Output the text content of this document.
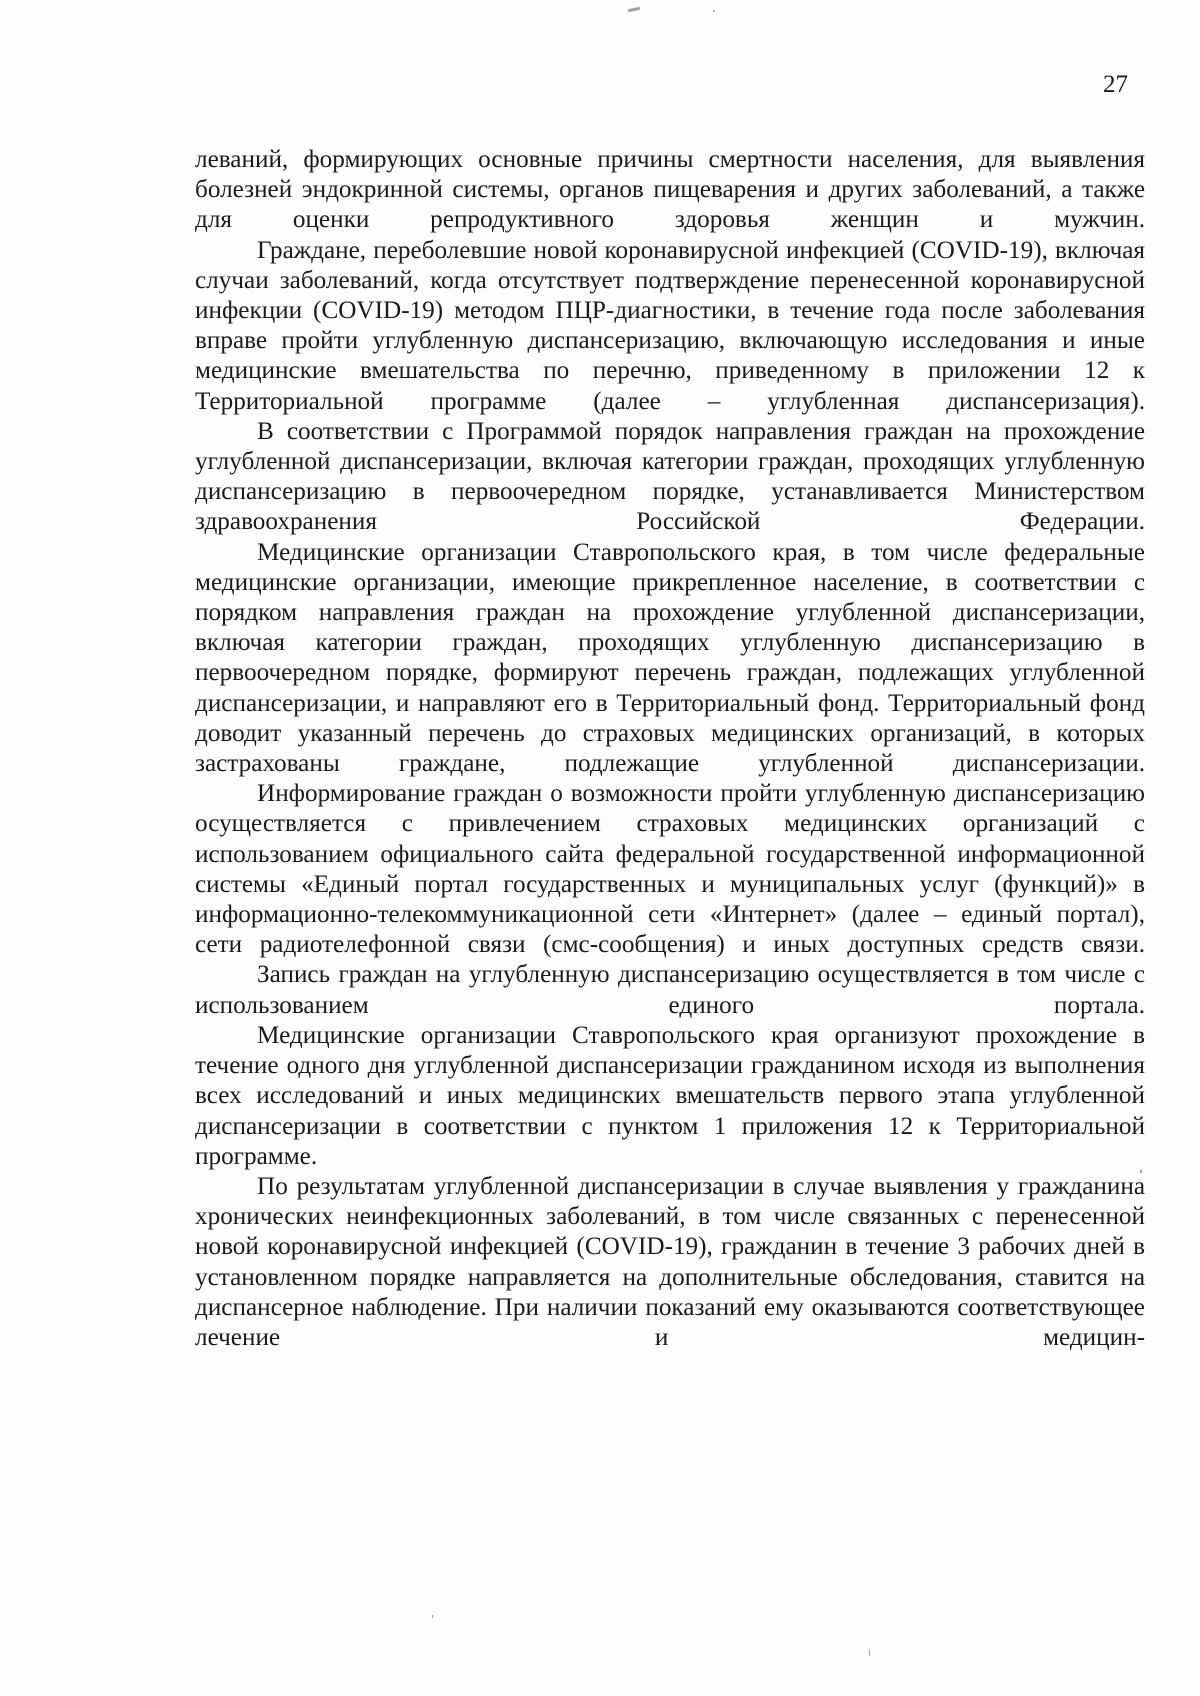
27

леваний, формирующих основные причины смертности населения, для выявления болезней эндокринной системы, органов пищеварения и других заболеваний, а также для оценки репродуктивного здоровья женщин и мужчин.

Граждане, переболевшие новой коронавирусной инфекцией (COVID-19), включая случаи заболеваний, когда отсутствует подтверждение перенесенной коронавирусной инфекции (COVID-19) методом ПЦР-диагностики, в течение года после заболевания вправе пройти углубленную диспансеризацию, включающую исследования и иные медицинские вмешательства по перечню, приведенному в приложении 12 к Территориальной программе (далее – углубленная диспансеризация).

В соответствии с Программой порядок направления граждан на прохождение углубленной диспансеризации, включая категории граждан, проходящих углубленную диспансеризацию в первоочередном порядке, устанавливается Министерством здравоохранения Российской Федерации.

Медицинские организации Ставропольского края, в том числе федеральные медицинские организации, имеющие прикрепленное население, в соответствии с порядком направления граждан на прохождение углубленной диспансеризации, включая категории граждан, проходящих углубленную диспансеризацию в первоочередном порядке, формируют перечень граждан, подлежащих углубленной диспансеризации, и направляют его в Территориальный фонд. Территориальный фонд доводит указанный перечень до страховых медицинских организаций, в которых застрахованы граждане, подлежащие углубленной диспансеризации.

Информирование граждан о возможности пройти углубленную диспансеризацию осуществляется с привлечением страховых медицинских организаций с использованием официального сайта федеральной государственной информационной системы «Единый портал государственных и муниципальных услуг (функций)» в информационно-телекоммуникационной сети «Интернет» (далее – единый портал), сети радиотелефонной связи (смс-сообщения) и иных доступных средств связи.

Запись граждан на углубленную диспансеризацию осуществляется в том числе с использованием единого портала.

Медицинские организации Ставропольского края организуют прохождение в течение одного дня углубленной диспансеризации гражданином исходя из выполнения всех исследований и иных медицинских вмешательств первого этапа углубленной диспансеризации в соответствии с пунктом 1 приложения 12 к Территориальной программе.

По результатам углубленной диспансеризации в случае выявления у гражданина хронических неинфекционных заболеваний, в том числе связанных с перенесенной новой коронавирусной инфекцией (COVID-19), гражданин в течение 3 рабочих дней в установленном порядке направляется на дополнительные обследования, ставится на диспансерное наблюдение. При наличии показаний ему оказываются соответствующее лечение и медицин-
